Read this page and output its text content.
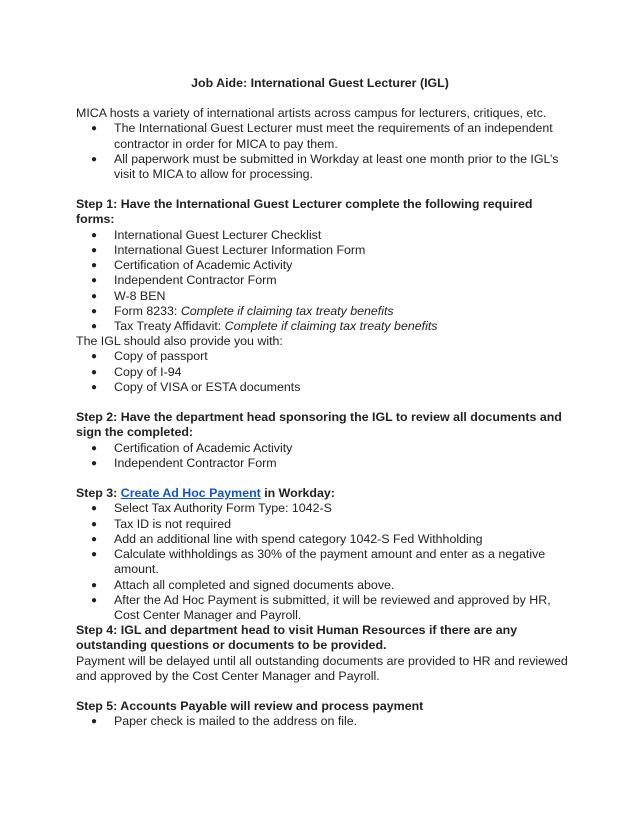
Job Aide: International Guest Lecturer (IGL)

MICA hosts a variety of international artists across campus for lecturers, critiques, etc.

● The International Guest Lecturer must meet the requirements of an independent contractor in order for MICA to pay them.
● All paperwork must be submitted in Workday at least one month prior to the IGL’s visit to MICA to allow for processing.

Step 1: Have the International Guest Lecturer complete the following required forms:

● International Guest Lecturer Checklist
● International Guest Lecturer Information Form
● Certification of Academic Activity
● Independent Contractor Form
● W-8 BEN
● Form 8233: Complete if claiming tax treaty benefits
● Tax Treaty Affidavit: Complete if claiming tax treaty benefits

The IGL should also provide you with:

● Copy of passport
● Copy of I-94
● Copy of VISA or ESTA documents

Step 2: Have the department head sponsoring the IGL to review all documents and sign the completed:

● Certification of Academic Activity
● Independent Contractor Form

Step 3: Create Ad Hoc Payment in Workday:

● Select Tax Authority Form Type: 1042-S
● Tax ID is not required
● Add an additional line with spend category 1042-S Fed Withholding
● Calculate withholdings as 30% of the payment amount and enter as a negative amount.
● Attach all completed and signed documents above.
● After the Ad Hoc Payment is submitted, it will be reviewed and approved by HR, Cost Center Manager and Payroll.

Step 4: IGL and department head to visit Human Resources if there are any outstanding questions or documents to be provided.

Payment will be delayed until all outstanding documents are provided to HR and reviewed and approved by the Cost Center Manager and Payroll.

Step 5: Accounts Payable will review and process payment

● Paper check is mailed to the address on file.
